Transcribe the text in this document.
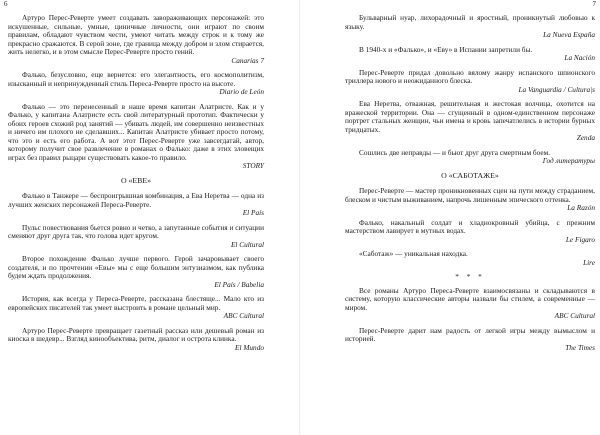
6

Артуро Перес-Реверте умеет создавать завораживающих персонажей: это искушенные, сильные, умные, циничные личности, они играют по своим правилам, обладают чувством чести, умеют читать между строк и к тому же прекрасно сражаются. В серой зоне, где граница между добром и злом стирается, жить нелегко, и в этом смысле Перес-Реверте просто гений.

Canarias 7

Фалько, безусловно, еще вернется: его элегантность, его космополитизм, изысканный и непринужденный стиль Переса-Реверте просто на высоте.

Diario de León

Фалько — это перенесенный в наше время капитан Алатристе. Как и у Фалько, у капитана Алатристе есть свой литературный прототип. Фактически у обоих героев схожий род занятий — убивать людей, им совершенно неизвестных и ничего им плохого не сделавших... Капитан Алатристе убивает просто потому, что это и есть его работа. А вот этот Перес-Реверте уже завсегдатай, автор, которому получит свое развлечение в романах о Фалько: даже в этих зловещих играх без правил рыцари существовать какое-то правило.

STORY

О «ЕВЕ»

Фалько в Танжере — беспроигрышная комбинация, а Ева Неретва — одна из лучших женских персонажей Переса-Реверте.

El País

Пульс повествования бьется ровно и четко, а запутанные события и ситуации сменяют друг друга так, что голова идет кругом.

El Cultural

Второе похождение Фалько лучше первого. Герой зачаровывает своего создателя, и по прочтении «Евы» мы с еще большим энтузиазмом, как публика будем ждать продолжения.

El País / Babelia

История, как всегда у Переса-Реверте, рассказана блестяще... Мало кто из европейских писателей так умеет выстроить в романе цельный мир.

ABC Cultural

Артуро Перес-Реверте превращает газетный рассказ или дешевый роман из киоска в шедевр... Взгляд кинообъектива, ритм, диалог и острота клинка.

El Mundo

7

Бульварный нуар, лихорадочный и яростный, проникнутый любовью к языку.

La Nueva España

В 1940-х и «Фалько», и «Еву» в Испании запретили бы.

La Nación

Перес-Реверте придал довольно вялому жанру испанского шпионского триллера нового и неожиданного блеска.

La Vanguardia / Cultura|s

Ева Неретва, отважная, решительная и жестокая волчица, охотится на вражеской территории. Она — сгущенный в одном-единственном персонаже портрет стальных женщин, чьи имена и кровь запечатлелись в истории бурных тридцатых.

Zenda

Сошлись две неправды — и бьют друг друга смертным боем.

Год литературы

О «САБОТАЖЕ»

Перес-Реверте — мастер проникновенных сцен на пути между страданием, блеском и чистым выживанием, напрочь лишенным эпического оттенка.

La Razón

Фалько, накальный солдат и хладнокровный убийца, с прежним мастерством лавирует в мутных водах.

Le Figaro

«Саботаж» — уникальная находка.

Lire

* * *

Все романы Артуро Переса-Реверте взаимосвязаны и складываются в систему, которую классические авторы назвали бы стилем, а современные — миром.

ABC Cultural

Перес-Реверте дарит нам радость от легкой игры между вымыслом и историей.

The Times
